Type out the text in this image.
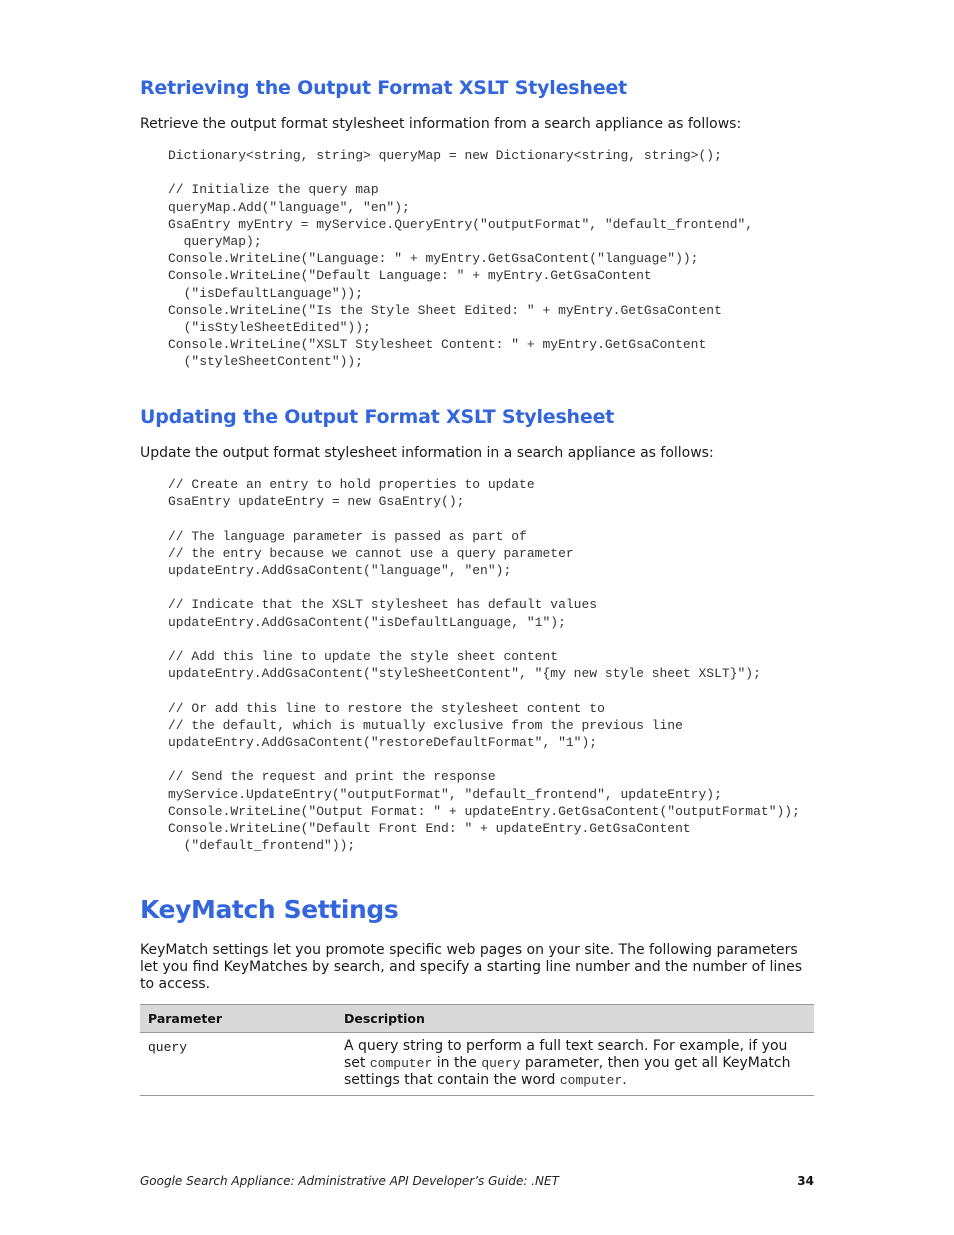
Retrieving the Output Format XSLT Stylesheet

Retrieve the output format stylesheet information from a search appliance as follows:

Dictionary<string, string> queryMap = new Dictionary<string, string>();

// Initialize the query map
queryMap.Add("language", "en");
GsaEntry myEntry = myService.QueryEntry("outputFormat", "default_frontend",
queryMap);
Console.WriteLine("Language: " + myEntry.GetGsaContent("language"));
Console.WriteLine("Default Language: " + myEntry.GetGsaContent
("isDefaultLanguage"));
Console.WriteLine("Is the Style Sheet Edited: " + myEntry.GetGsaContent
("isStyleSheetEdited"));
Console.WriteLine("XSLT Stylesheet Content: " + myEntry.GetGsaContent
("styleSheetContent"));
Updating the Output Format XSLT Stylesheet

Update the output format stylesheet information in a search appliance as follows:

// Create an entry to hold properties to update
GsaEntry updateEntry = new GsaEntry();

// The language parameter is passed as part of
// the entry because we cannot use a query parameter
updateEntry.AddGsaContent("language", "en");

// Indicate that the XSLT stylesheet has default values
updateEntry.AddGsaContent("isDefaultLanguage, "1");

// Add this line to update the style sheet content
updateEntry.AddGsaContent("styleSheetContent", "{my new style sheet XSLT}");

// Or add this line to restore the stylesheet content to
// the default, which is mutually exclusive from the previous line
updateEntry.AddGsaContent("restoreDefaultFormat", "1");

// Send the request and print the response
myService.UpdateEntry("outputFormat", "default_frontend", updateEntry);
Console.WriteLine("Output Format: " + updateEntry.GetGsaContent("outputFormat"));
Console.WriteLine("Default Front End: " + updateEntry.GetGsaContent
("default_frontend"));
KeyMatch Settings

KeyMatch settings let you promote specific web pages on your site. The following parameters let you find KeyMatches by search, and specify a starting line number and the number of lines to access.

Parameter	Description
query	A query string to perform a full text search. For example, if you set computer in the query parameter, then you get all KeyMatch settings that contain the word computer.
Google Search Appliance: Administrative API Developer’s Guide: .NET	34
